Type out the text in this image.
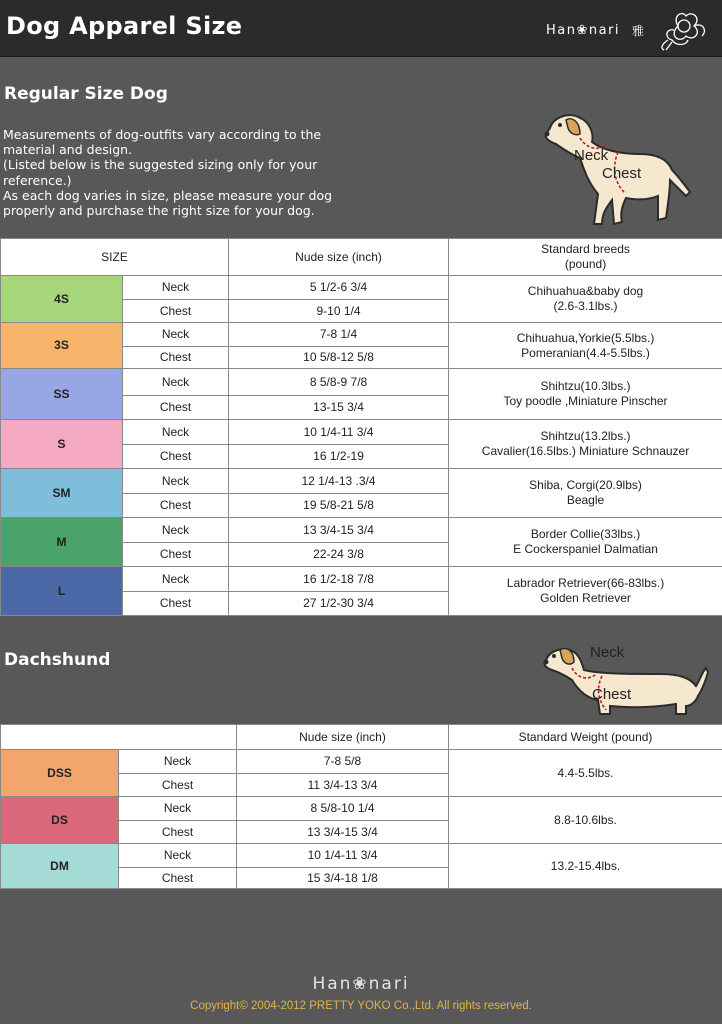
Dog Apparel Size	Han❀nari 雅
Regular Size Dog

Measurements of dog-outfits vary according to the material and design.

(Listed below is the suggested sizing only for your reference.)

As each dog varies in size, please measure your dog properly and purchase the right size for your dog.

Neck
Chest
SIZE		Nude size (inch)	Standard breeds
(pound)
4S	Neck	5 1/2-6 3/4	Chihuahua&baby dog
(2.6-3.1lbs.)
	Chest	9-10 1/4	
3S	Neck	7-8 1/4	Chihuahua,Yorkie(5.5lbs.)
Pomeranian(4.4-5.5lbs.)
	Chest	10 5/8-12 5/8	
SS	Neck	8 5/8-9 7/8	Shihtzu(10.3lbs.)
Toy poodle ,Miniature Pinscher
	Chest	13-15 3/4	
S	Neck	10 1/4-11 3/4	Shihtzu(13.2lbs.)
Cavalier(16.5lbs.) Miniature Schnauzer
	Chest	16 1/2-19	
SM	Neck	12 1/4-13 .3/4	Shiba, Corgi(20.9lbs)
Beagle
	Chest	19 5/8-21 5/8	
M	Neck	13 3/4-15 3/4	Border Collie(33lbs.)
E Cockerspaniel Dalmatian
	Chest	22-24 3/8	
L	Neck	16 1/2-18 7/8	Labrador Retriever(66-83lbs.)
Golden Retriever
	Chest	27 1/2-30 3/4	
Dachshund	Neck
Chest
		Nude size (inch)	Standard Weight (pound)
DSS	Neck	7-8 5/8	4.4-5.5lbs.
	Chest	11 3/4-13 3/4	
DS	Neck	8 5/8-10 1/4	8.8-10.6lbs.
	Chest	13 3/4-15 3/4	
DM	Neck	10 1/4-11 3/4	13.2-15.4lbs.
	Chest	15 3/4-18 1/8	
Han❀nari
Copyright© 2004-2012 PRETTY YOKO Co.,Ltd. All rights reserved.
